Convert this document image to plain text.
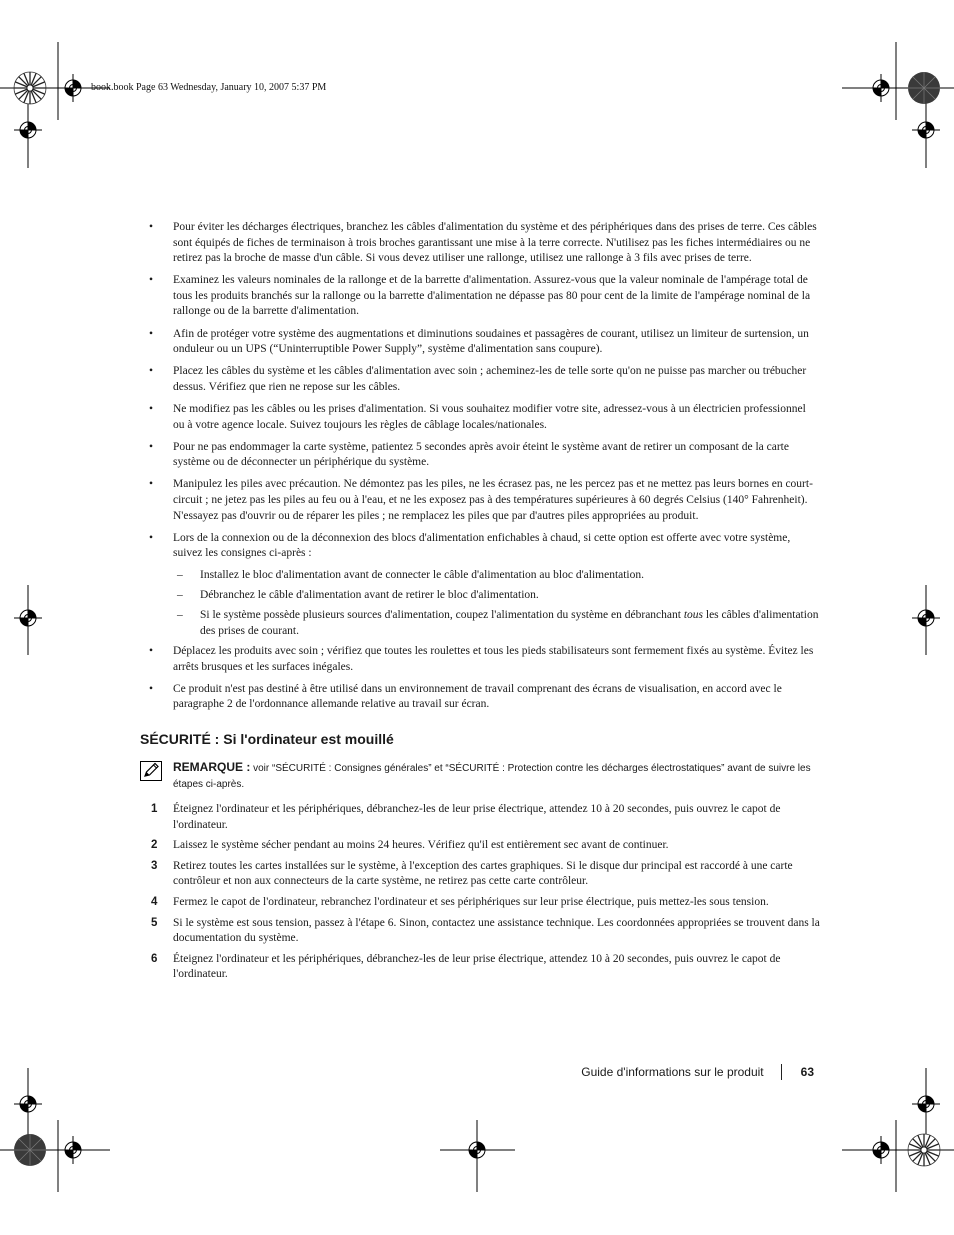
book.book Page 63 Wednesday, January 10, 2007 5:37 PM
• Pour éviter les décharges électriques, branchez les câbles d'alimentation du système et des périphériques dans des prises de terre. Ces câbles sont équipés de fiches de terminaison à trois broches garantissant une mise à la terre correcte. N'utilisez pas les fiches intermédiaires ou ne retirez pas la broche de masse d'un câble. Si vous devez utiliser une rallonge, utilisez une rallonge à 3 fils avec prises de terre.
• Examinez les valeurs nominales de la rallonge et de la barrette d'alimentation. Assurez-vous que la valeur nominale de l'ampérage total de tous les produits branchés sur la rallonge ou la barrette d'alimentation ne dépasse pas 80 pour cent de la limite de l'ampérage nominal de la rallonge ou de la barrette d'alimentation.
• Afin de protéger votre système des augmentations et diminutions soudaines et passagères de courant, utilisez un limiteur de surtension, un onduleur ou un UPS (“Uninterruptible Power Supply”, système d'alimentation sans coupure).
• Placez les câbles du système et les câbles d'alimentation avec soin ; acheminez-les de telle sorte qu'on ne puisse pas marcher ou trébucher dessus. Vérifiez que rien ne repose sur les câbles.
• Ne modifiez pas les câbles ou les prises d'alimentation. Si vous souhaitez modifier votre site, adressez-vous à un électricien professionnel ou à votre agence locale. Suivez toujours les règles de câblage locales/nationales.
• Pour ne pas endommager la carte système, patientez 5 secondes après avoir éteint le système avant de retirer un composant de la carte système ou de déconnecter un périphérique du système.
• Manipulez les piles avec précaution. Ne démontez pas les piles, ne les écrasez pas, ne les percez pas et ne mettez pas leurs bornes en court-circuit ; ne jetez pas les piles au feu ou à l'eau, et ne les exposez pas à des températures supérieures à 60 degrés Celsius (140° Fahrenheit). N'essayez pas d'ouvrir ou de réparer les piles ; ne remplacez les piles que par d'autres piles appropriées au produit.
• Lors de la connexion ou de la déconnexion des blocs d'alimentation enfichables à chaud, si cette option est offerte avec votre système, suivez les consignes ci-après :
– Installez le bloc d'alimentation avant de connecter le câble d'alimentation au bloc d'alimentation.
– Débranchez le câble d'alimentation avant de retirer le bloc d'alimentation.
– Si le système possède plusieurs sources d'alimentation, coupez l'alimentation du système en débranchant tous les câbles d'alimentation des prises de courant.
• Déplacez les produits avec soin ; vérifiez que toutes les roulettes et tous les pieds stabilisateurs sont fermement fixés au système. Évitez les arrêts brusques et les surfaces inégales.
• Ce produit n'est pas destiné à être utilisé dans un environnement de travail comprenant des écrans de visualisation, en accord avec le paragraphe 2 de l'ordonnance allemande relative au travail sur écran.
SÉCURITÉ : Si l'ordinateur est mouillé
REMARQUE : voir “SÉCURITÉ : Consignes générales” et “SÉCURITÉ : Protection contre les décharges électrostatiques” avant de suivre les étapes ci-après.
1 Éteignez l'ordinateur et les périphériques, débranchez-les de leur prise électrique, attendez 10 à 20 secondes, puis ouvrez le capot de l'ordinateur.
2 Laissez le système sécher pendant au moins 24 heures. Vérifiez qu'il est entièrement sec avant de continuer.
3 Retirez toutes les cartes installées sur le système, à l'exception des cartes graphiques. Si le disque dur principal est raccordé à une carte contrôleur et non aux connecteurs de la carte système, ne retirez pas cette carte contrôleur.
4 Fermez le capot de l'ordinateur, rebranchez l'ordinateur et ses périphériques sur leur prise électrique, puis mettez-les sous tension.
5 Si le système est sous tension, passez à l'étape 6. Sinon, contactez une assistance technique. Les coordonnées appropriées se trouvent dans la documentation du système.
6 Éteignez l'ordinateur et les périphériques, débranchez-les de leur prise électrique, attendez 10 à 20 secondes, puis ouvrez le capot de l'ordinateur.
Guide d'informations sur le produit	63
